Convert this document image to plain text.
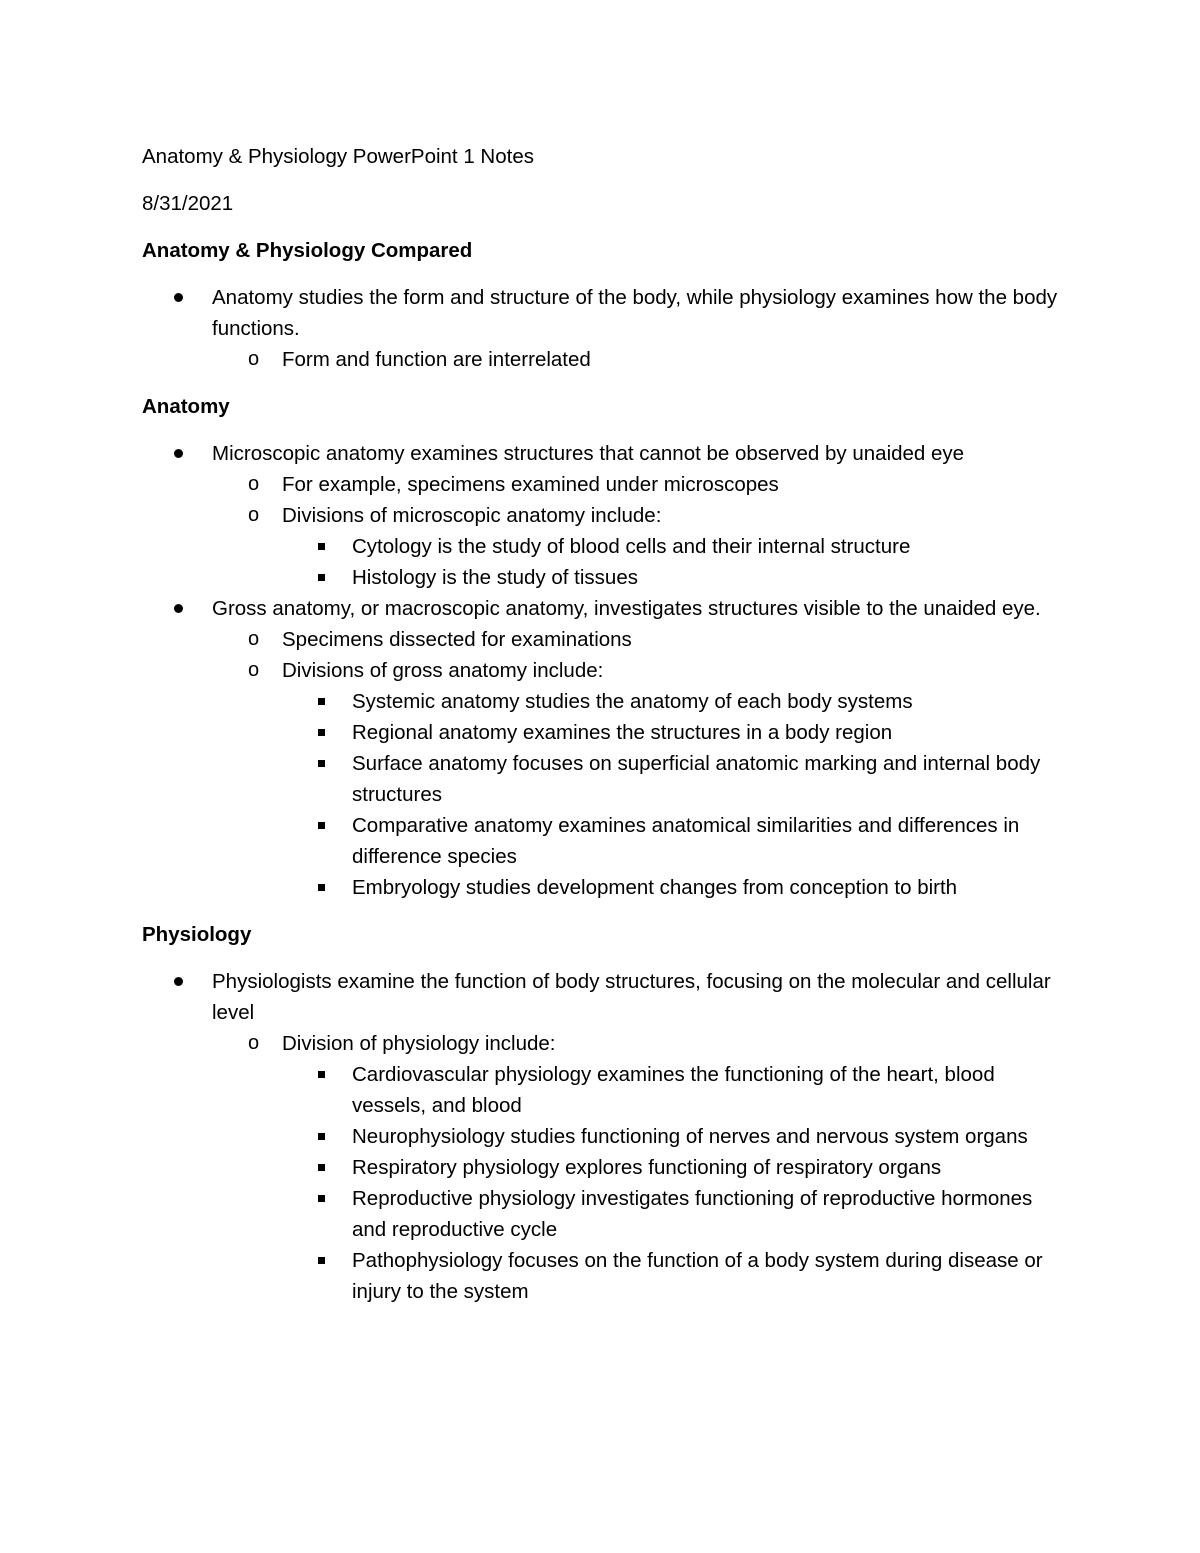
Anatomy & Physiology PowerPoint 1 Notes

8/31/2021

Anatomy & Physiology Compared

Anatomy studies the form and structure of the body, while physiology examines how the body functions.
o Form and function are interrelated

Anatomy

Microscopic anatomy examines structures that cannot be observed by unaided eye
o For example, specimens examined under microscopes
o Divisions of microscopic anatomy include:
Cytology is the study of blood cells and their internal structure
Histology is the study of tissues
Gross anatomy, or macroscopic anatomy, investigates structures visible to the unaided eye.
o Specimens dissected for examinations
o Divisions of gross anatomy include:
Systemic anatomy studies the anatomy of each body systems
Regional anatomy examines the structures in a body region
Surface anatomy focuses on superficial anatomic marking and internal body structures
Comparative anatomy examines anatomical similarities and differences in difference species
Embryology studies development changes from conception to birth

Physiology

Physiologists examine the function of body structures, focusing on the molecular and cellular level
o Division of physiology include:
Cardiovascular physiology examines the functioning of the heart, blood vessels, and blood
Neurophysiology studies functioning of nerves and nervous system organs
Respiratory physiology explores functioning of respiratory organs
Reproductive physiology investigates functioning of reproductive hormones and reproductive cycle
Pathophysiology focuses on the function of a body system during disease or injury to the system
